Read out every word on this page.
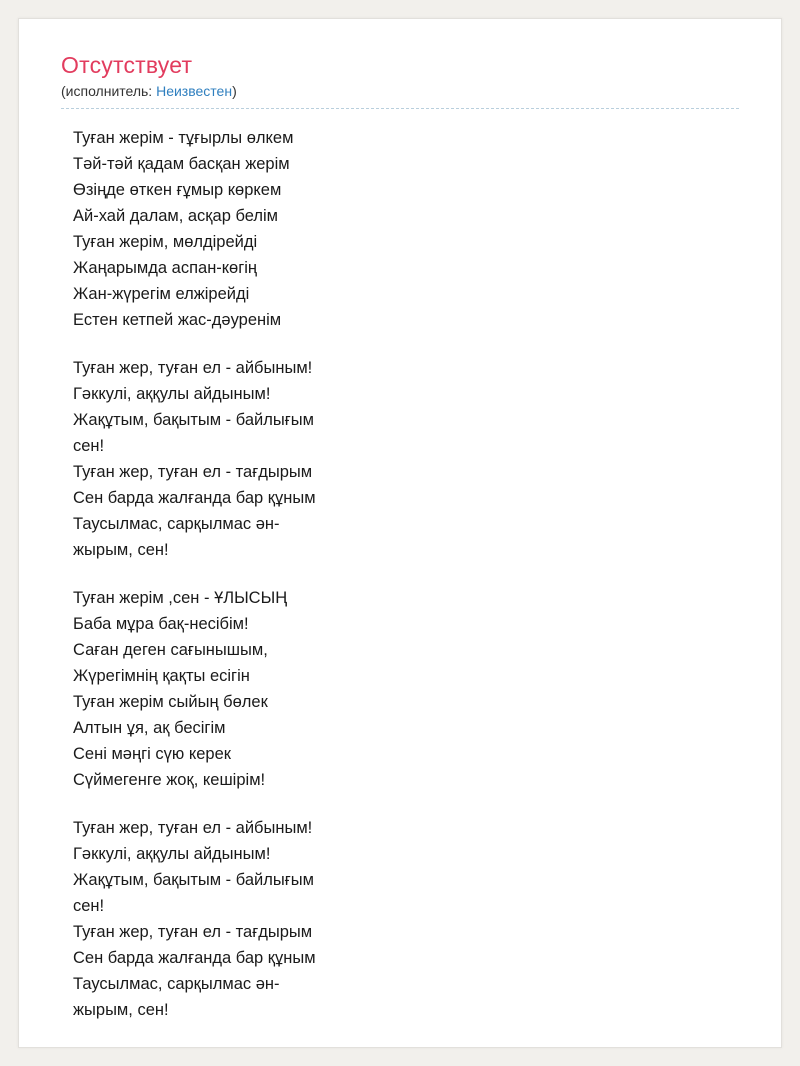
Отсутствует
(исполнитель: Неизвестен)
Туған жерім - тұғырлы өлкем
Тәй-тәй қадам басқан жерім
Өзіңде өткен ғұмыр көркем
Ай-хай далам, асқар белім
Туған жерім, мөлдірейді
Жаңарымда аспан-көгің
Жан-жүрегім елжірейді
Естен кетпей жас-дәуренім
Туған жер, туған ел - айбыным!
Гәккулі, аққулы айдыным!
Жақұтым, бақытым - байлығым
сен!
Туған жер, туған ел - тағдырым
Сен барда жалғанда бар құным
Таусылмас, сарқылмас ән-
жырым, сен!
Туған жерім ,сен - ҰЛЫСЫҢ
Баба мұра бақ-несібім!
Саған деген сағынышым,
Жүрегімнің қақты есігін
Туған жерім сыйың бөлек
Алтын ұя, ақ бесігім
Сені мәңгі сүю керек
Сүймегенге жоқ, кешірім!
Туған жер, туған ел - айбыным!
Гәккулі, аққулы айдыным!
Жақұтым, бақытым - байлығым
сен!
Туған жер, туған ел - тағдырым
Сен барда жалғанда бар құным
Таусылмас, сарқылмас ән-
жырым, сен!
